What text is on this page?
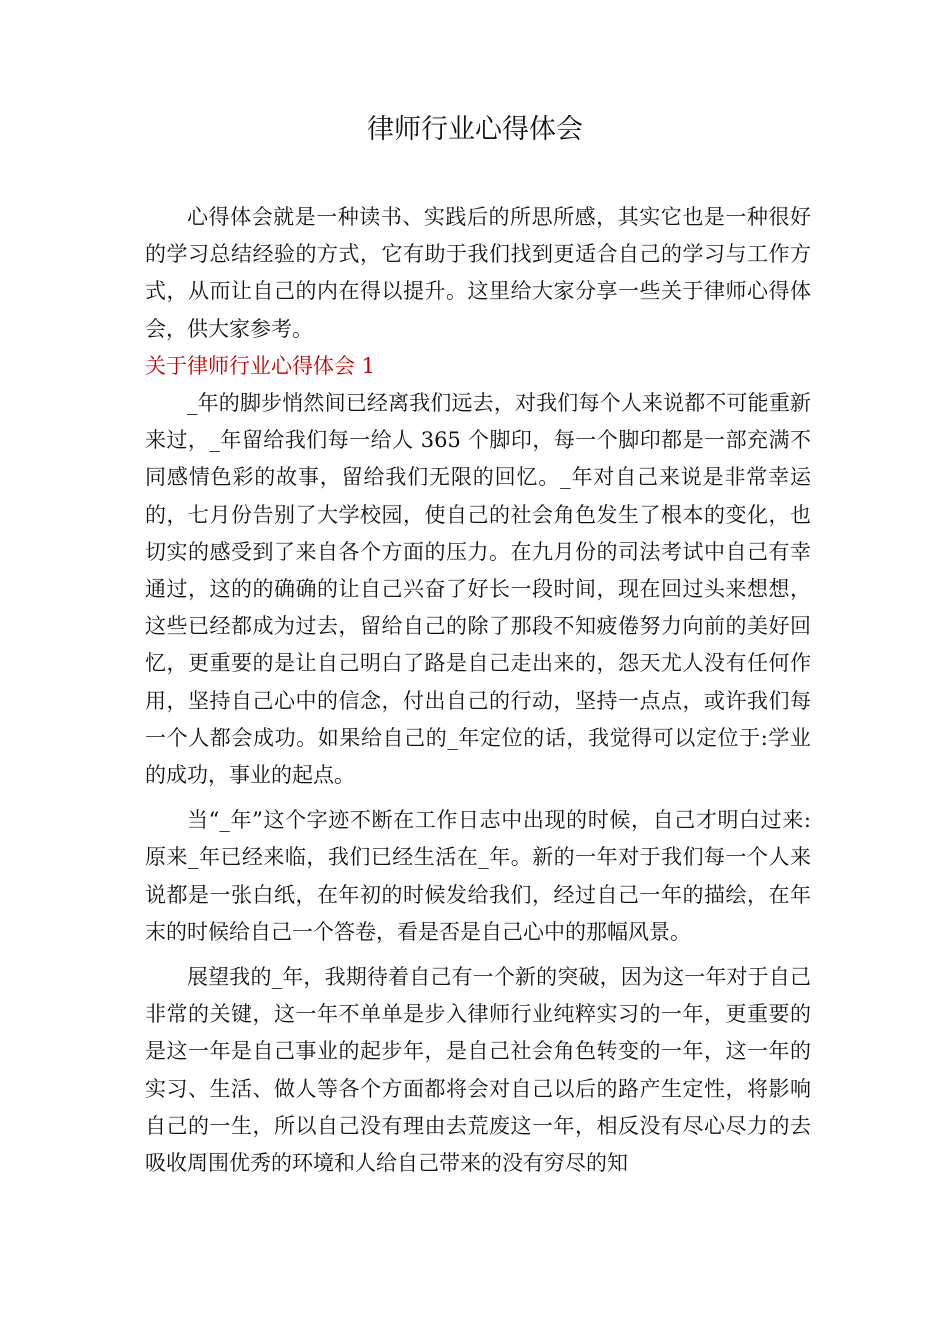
律师行业心得体会

心得体会就是一种读书、实践后的所思所感，其实它也是一种很好的学习总结经验的方式，它有助于我们找到更适合自己的学习与工作方式，从而让自己的内在得以提升。这里给大家分享一些关于律师心得体会，供大家参考。

关于律师行业心得体会 1

_年的脚步悄然间已经离我们远去，对我们每个人来说都不可能重新来过，_年留给我们每一给人 365 个脚印，每一个脚印都是一部充满不同感情色彩的故事，留给我们无限的回忆。_年对自己来说是非常幸运的，七月份告别了大学校园，使自己的社会角色发生了根本的变化，也切实的感受到了来自各个方面的压力。在九月份的司法考试中自己有幸通过，这的的确确的让自己兴奋了好长一段时间，现在回过头来想想，这些已经都成为过去，留给自己的除了那段不知疲倦努力向前的美好回忆，更重要的是让自己明白了路是自己走出来的，怨天尤人没有任何作用，坚持自己心中的信念，付出自己的行动，坚持一点点，或许我们每一个人都会成功。如果给自己的_年定位的话，我觉得可以定位于:学业的成功，事业的起点。

当“_年”这个字迹不断在工作日志中出现的时候，自己才明白过来:原来_年已经来临，我们已经生活在_年。新的一年对于我们每一个人来说都是一张白纸，在年初的时候发给我们，经过自己一年的描绘，在年末的时候给自己一个答卷，看是否是自己心中的那幅风景。

展望我的_年，我期待着自己有一个新的突破，因为这一年对于自己非常的关键，这一年不单单是步入律师行业纯粹实习的一年，更重要的是这一年是自己事业的起步年，是自己社会角色转变的一年，这一年的实习、生活、做人等各个方面都将会对自己以后的路产生定性，将影响自己的一生，所以自己没有理由去荒废这一年，相反没有尽心尽力的去吸收周围优秀的环境和人给自己带来的没有穷尽的知
